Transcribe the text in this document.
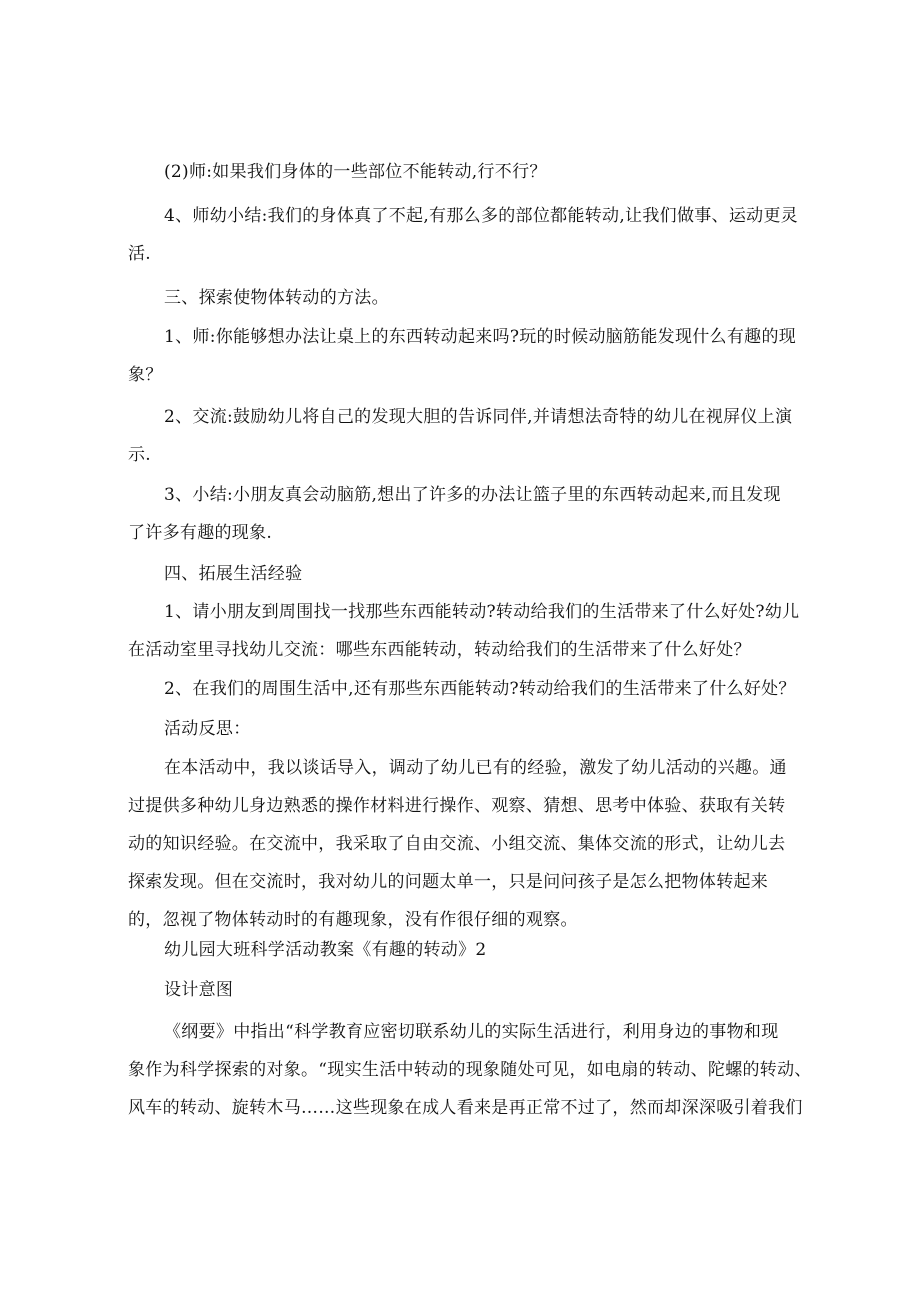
(2)师:如果我们身体的一些部位不能转动,行不行？
4、师幼小结:我们的身体真了不起,有那么多的部位都能转动,让我们做事、运动更灵
活.
三、探索使物体转动的方法。
1、师:你能够想办法让桌上的东西转动起来吗?玩的时候动脑筋能发现什么有趣的现
象？
2、交流:鼓励幼儿将自己的发现大胆的告诉同伴,并请想法奇特的幼儿在视屏仪上演
示.
3、小结:小朋友真会动脑筋,想出了许多的办法让篮子里的东西转动起来,而且发现
了许多有趣的现象.
四、拓展生活经验
1、请小朋友到周围找一找那些东西能转动?转动给我们的生活带来了什么好处?幼儿
在活动室里寻找幼儿交流：哪些东西能转动，转动给我们的生活带来了什么好处？
2、在我们的周围生活中,还有那些东西能转动?转动给我们的生活带来了什么好处？
活动反思：
在本活动中，我以谈话导入，调动了幼儿已有的经验，激发了幼儿活动的兴趣。通
过提供多种幼儿身边熟悉的操作材料进行操作、观察、猜想、思考中体验、获取有关转
动的知识经验。在交流中，我采取了自由交流、小组交流、集体交流的形式，让幼儿去
探索发现。但在交流时，我对幼儿的问题太单一，只是问问孩子是怎么把物体转起来
的，忽视了物体转动时的有趣现象，没有作很仔细的观察。
幼儿园大班科学活动教案《有趣的转动》2
设计意图
《纲要》中指出“科学教育应密切联系幼儿的实际生活进行，利用身边的事物和现
象作为科学探索的对象。“现实生活中转动的现象随处可见，如电扇的转动、陀螺的转动、
风车的转动、旋转木马……这些现象在成人看来是再正常不过了，然而却深深吸引着我们
